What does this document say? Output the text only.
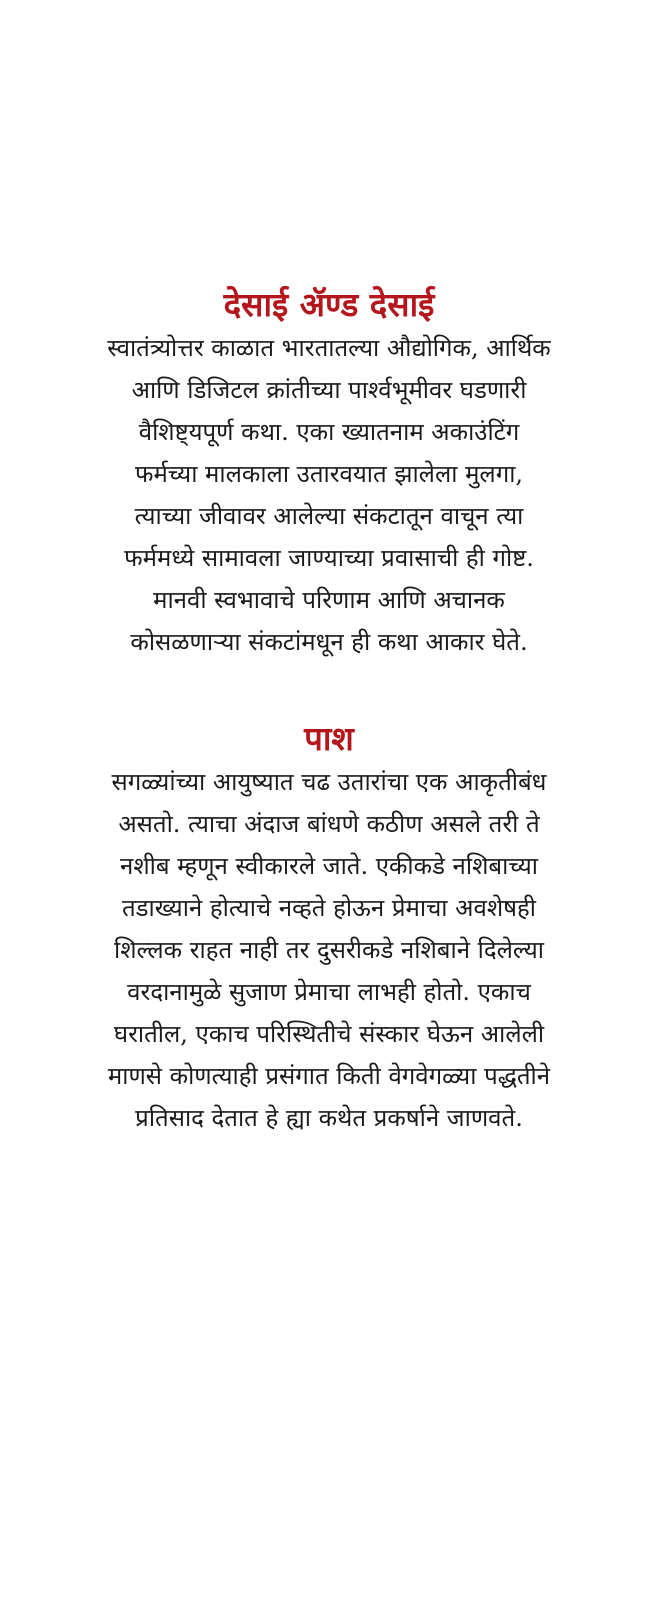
देसाई ॲण्ड देसाई

स्वातंत्र्योत्तर काळात भारतातल्या औद्योगिक, आर्थिक
आणि डिजिटल क्रांतीच्या पार्श्वभूमीवर घडणारी
वैशिष्ट्यपूर्ण कथा. एका ख्यातनाम अकाउंटिंग
फर्मच्या मालकाला उतारवयात झालेला मुलगा,
त्याच्या जीवावर आलेल्या संकटातून वाचून त्या
फर्ममध्ये सामावला जाण्याच्या प्रवासाची ही गोष्ट.
मानवी स्वभावाचे परिणाम आणि अचानक
कोसळणाऱ्या संकटांमधून ही कथा आकार घेते.

पाश

सगळ्यांच्या आयुष्यात चढ उतारांचा एक आकृतीबंध
असतो. त्याचा अंदाज बांधणे कठीण असले तरी ते
नशीब म्हणून स्वीकारले जाते. एकीकडे नशिबाच्या
तडाख्याने होत्याचे नव्हते होऊन प्रेमाचा अवशेषही
शिल्लक राहत नाही तर दुसरीकडे नशिबाने दिलेल्या
वरदानामुळे सुजाण प्रेमाचा लाभही होतो. एकाच
घरातील, एकाच परिस्थितीचे संस्कार घेऊन आलेली
माणसे कोणत्याही प्रसंगात किती वेगवेगळ्या पद्धतीने
प्रतिसाद देतात हे ह्या कथेत प्रकर्षाने जाणवते.
